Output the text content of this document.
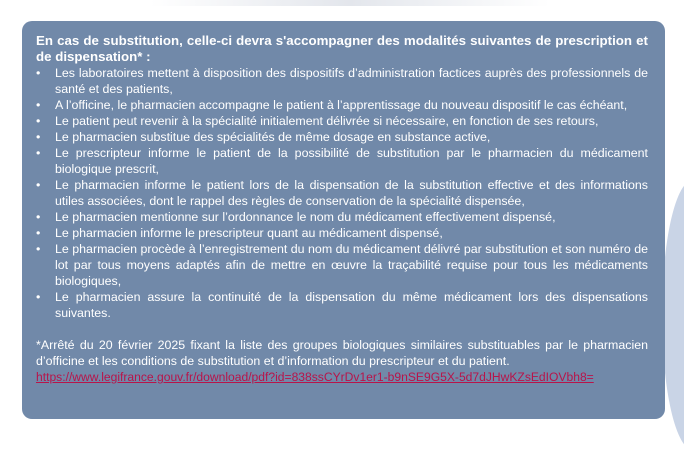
En cas de substitution, celle-ci devra s'accompagner des modalités suivantes de prescription et de dispensation* :

• Les laboratoires mettent à disposition des dispositifs d’administration factices auprès des professionnels de santé et des patients,
• A l’officine, le pharmacien accompagne le patient à l’apprentissage du nouveau dispositif le cas échéant,
• Le patient peut revenir à la spécialité initialement délivrée si nécessaire, en fonction de ses retours,
• Le pharmacien substitue des spécialités de même dosage en substance active,
• Le prescripteur informe le patient de la possibilité de substitution par le pharmacien du médicament biologique prescrit,
• Le pharmacien informe le patient lors de la dispensation de la substitution effective et des informations utiles associées, dont le rappel des règles de conservation de la spécialité dispensée,
• Le pharmacien mentionne sur l’ordonnance le nom du médicament effectivement dispensé,
• Le pharmacien informe le prescripteur quant au médicament dispensé,
• Le pharmacien procède à l’enregistrement du nom du médicament délivré par substitution et son numéro de lot par tous moyens adaptés afin de mettre en œuvre la traçabilité requise pour tous les médicaments biologiques,
• Le pharmacien assure la continuité de la dispensation du même médicament lors des dispensations suivantes.

*Arrêté du 20 février 2025 fixant la liste des groupes biologiques similaires substituables par le pharmacien d’officine et les conditions de substitution et d’information du prescripteur et du patient.

https://www.legifrance.gouv.fr/download/pdf?id=838ssCYrDv1er1-b9nSE9G5X-5d7dJHwKZsEdIOVbh8=
